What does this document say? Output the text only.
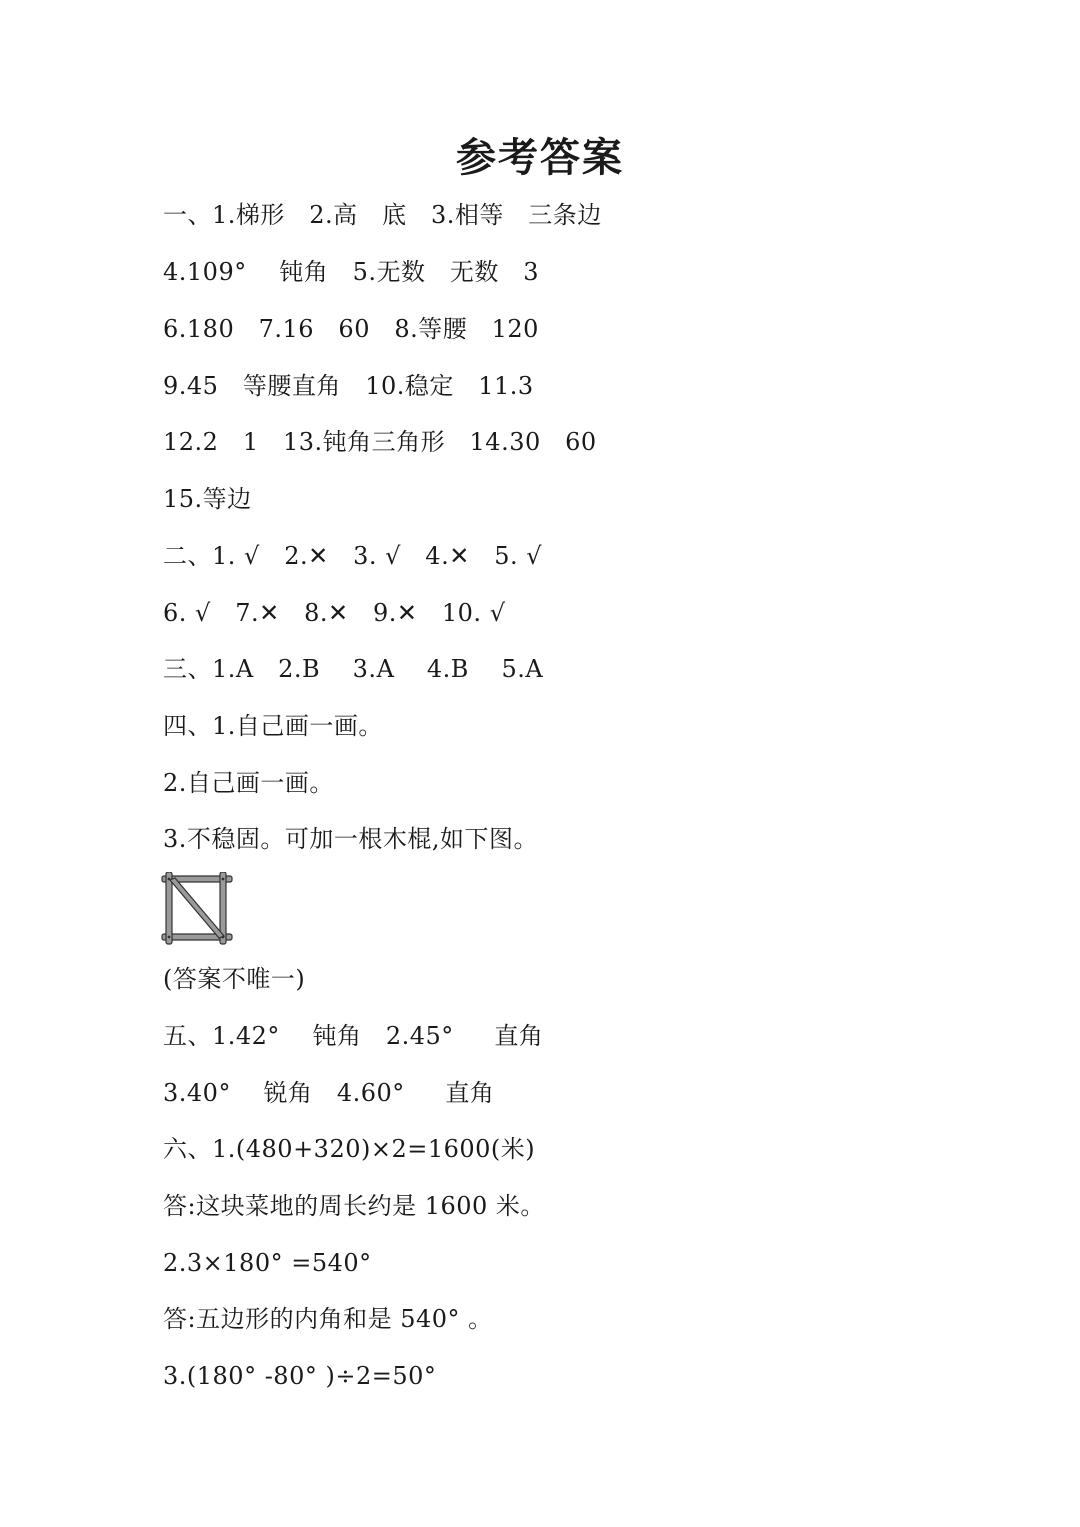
参考答案
一、1.梯形   2.高   底   3.相等   三条边
4.109°    钝角   5.无数   无数   3
6.180   7.16   60   8.等腰   120
9.45   等腰直角   10.稳定   11.3
12.2   1   13.钝角三角形   14.30   60
15.等边
二、1. √   2.✕   3. √   4.✕   5. √
6. √   7.✕   8.✕   9.✕   10. √
三、1.A   2.B    3.A    4.B    5.A
四、1.自己画一画。
2.自己画一画。
3.不稳固。可加一根木棍,如下图。
(答案不唯一)
五、1.42°    钝角   2.45°     直角
3.40°    锐角   4.60°     直角
六、1.(480+320)×2=1600(米)
答:这块菜地的周长约是 1600 米。
2.3×180° =540°
答:五边形的内角和是 540° 。
3.(180° -80° )÷2=50°
